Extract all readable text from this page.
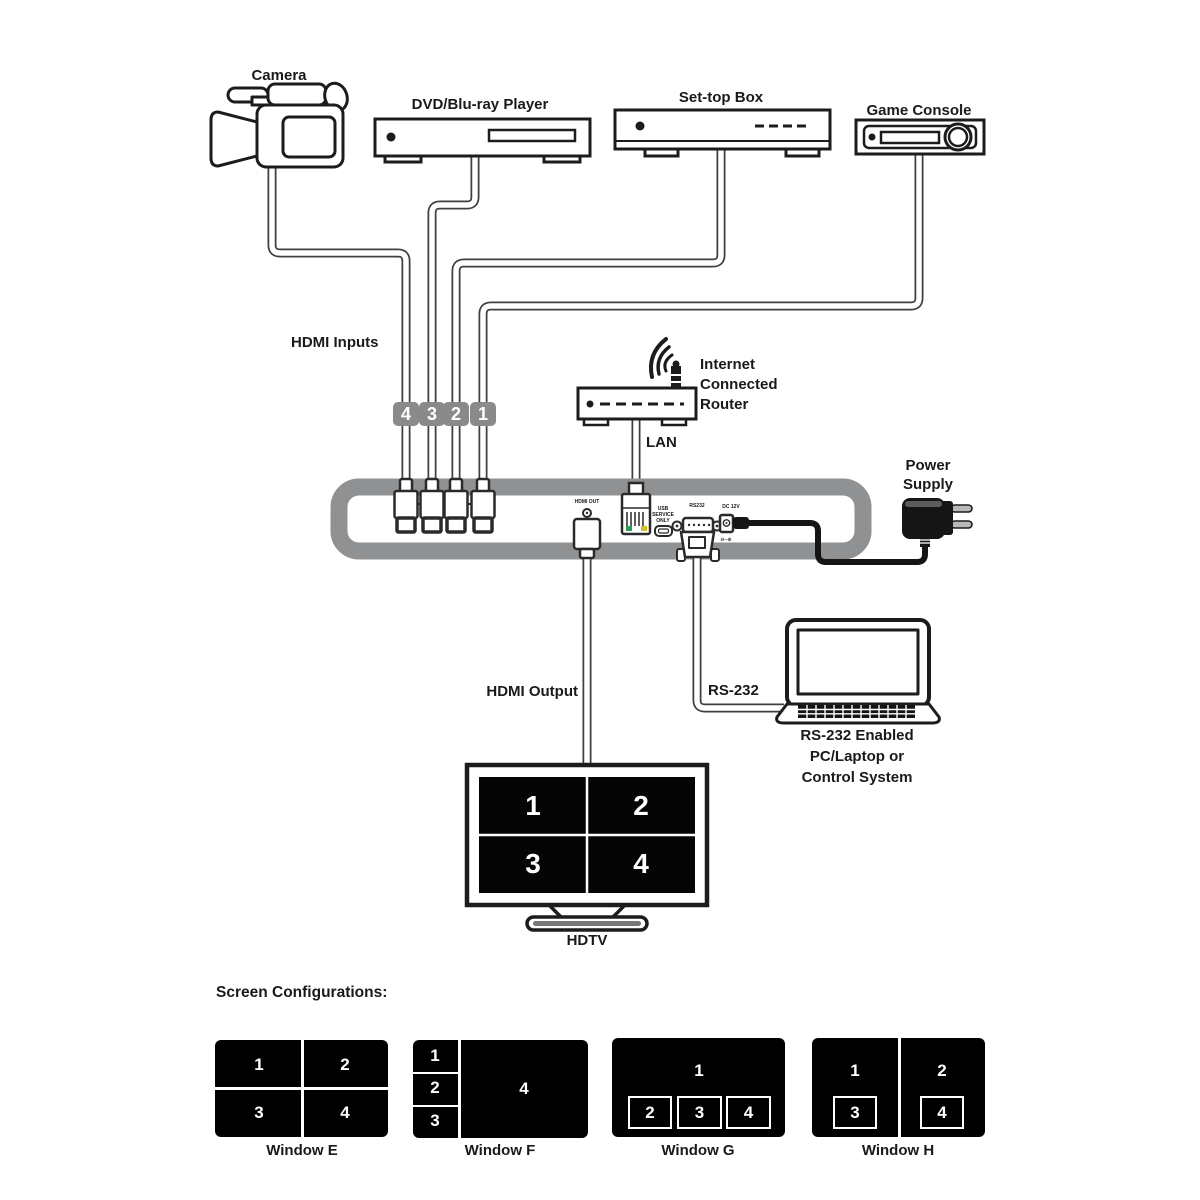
Camera
DVD/Blu-ray Player	Set-top Box
Game Console
HDMI Inputs
Internet
Connected
Router
LAN
Power
Supply
HDMI Output	RS-232
RS-232 Enabled
PC/Laptop or
Control System
HDTV
Screen Configurations:
HDMI OUT
USB
SERVICE
ONLY
RS232	DC 12V
⊖–⊕
4 3 2 1
1	2
3	4
1	2
3	4
Window E
1
2
3
4
Window F
1
2	3	4
Window G
1	2
3	4
Window H
